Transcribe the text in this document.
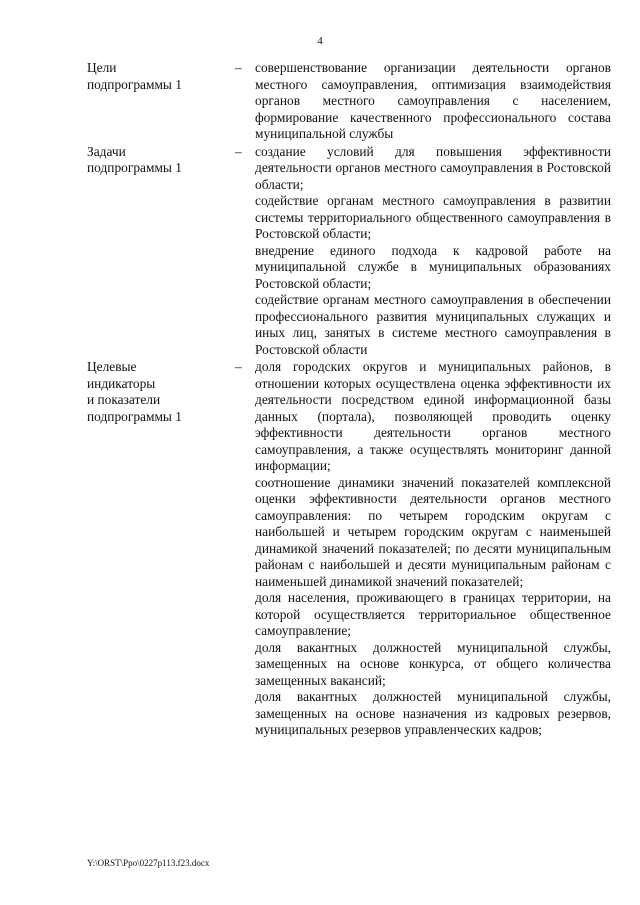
4
Цели
подпрограммы 1
– совершенствование организации деятельности органов местного самоуправления, оптимизация взаимодействия органов местного самоуправления с населением, формирование качественного профессионального состава муниципальной службы
Задачи
подпрограммы 1
– создание условий для повышения эффективности деятельности органов местного самоуправления в Ростовской области;
содействие органам местного самоуправления в развитии системы территориального общественного самоуправления в Ростовской области;
внедрение единого подхода к кадровой работе на муниципальной службе в муниципальных образованиях Ростовской области;
содействие органам местного самоуправления в обеспечении профессионального развития муниципальных служащих и иных лиц, занятых в системе местного самоуправления в Ростовской области
Целевые
индикаторы
и показатели
подпрограммы 1
– доля городских округов и муниципальных районов, в отношении которых осуществлена оценка эффективности их деятельности посредством единой информационной базы данных (портала), позволяющей проводить оценку эффективности деятельности органов местного самоуправления, а также осуществлять мониторинг данной информации;
соотношение динамики значений показателей комплексной оценки эффективности деятельности органов местного самоуправления: по четырем городским округам с наибольшей и четырем городским округам с наименьшей динамикой значений показателей; по десяти муниципальным районам с наибольшей и десяти муниципальным районам с наименьшей динамикой значений показателей;
доля населения, проживающего в границах территории, на которой осуществляется территориальное общественное самоуправление;
доля вакантных должностей муниципальной службы, замещенных на основе конкурса, от общего количества замещенных вакансий;
доля вакантных должностей муниципальной службы, замещенных на основе назначения из кадровых резервов, муниципальных резервов управленческих кадров;
Y:\ORST\Ppo\0227p113.f23.docx
